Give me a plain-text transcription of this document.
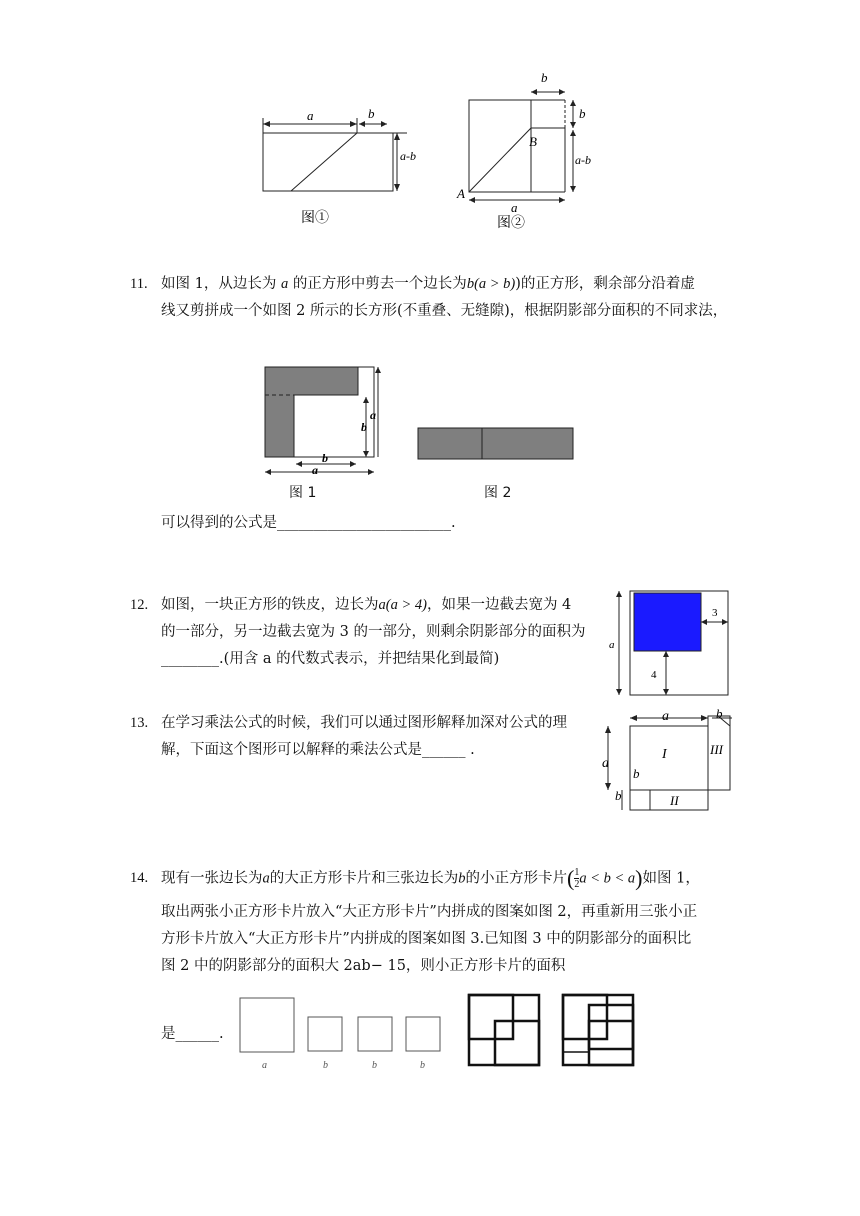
a	b
a-b
图①
A
B
b
b
a-b
a
图②
11. 如图 1，从边长为 a 的正方形中剪去一个边长为b(a > b))的正方形，剩余部分沿着虚
线又剪拼成一个如图 2 所示的长方形(不重叠、无缝隙)，根据阴影部分面积的不同求法，
a
b
b
a
图 1	图 2
可以得到的公式是________________________.
12. 如图，一块正方形的铁皮，边长为a(a > 4)，如果一边截去宽为 4
的一部分，另一边截去宽为 3 的一部分，则剩余阴影部分的面积为
________.(用含 a 的代数式表示，并把结果化到最简)
a
3
4
13. 在学习乘法公式的时候，我们可以通过图形解释加深对公式的理
解，下面这个图形可以解释的乘法公式是______ .
a	b
a
b
b
I
II
III
14. 现有一张边长为a的大正方形卡片和三张边长为b的小正方形卡片( $\frac{1}{2}$ a < b < a)如图 1，
取出两张小正方形卡片放入“大正方形卡片”内拼成的图案如图 2，再重新用三张小正
方形卡片放入“大正方形卡片”内拼成的图案如图 3.已知图 3 中的阴影部分的面积比
图 2 中的阴影部分的面积大 2ab− 15，则小正方形卡片的面积
是______.
a	b	b	b
